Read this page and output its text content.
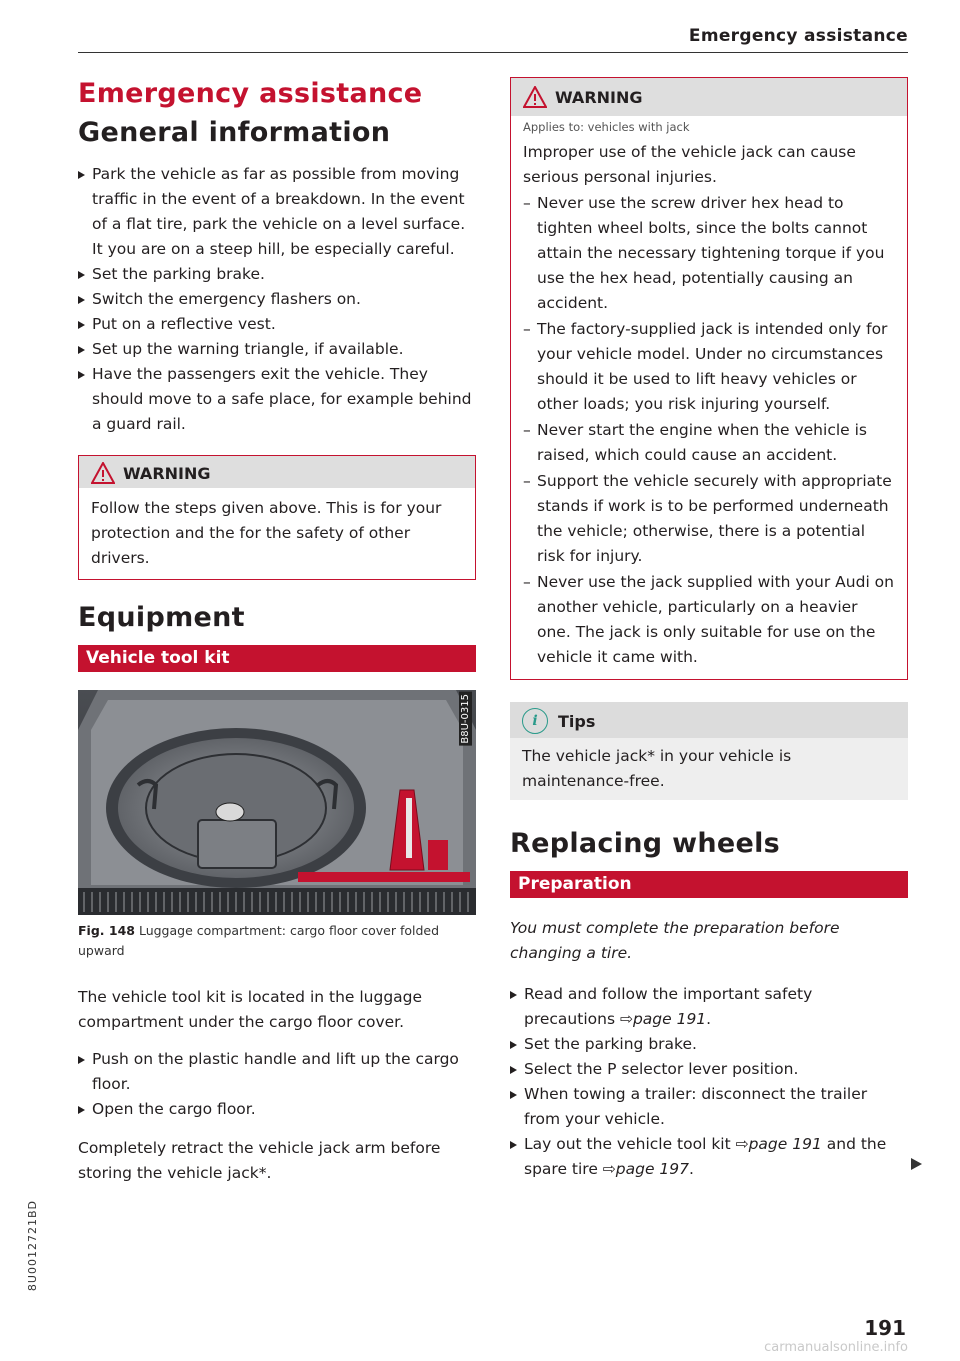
Emergency assistance
Emergency assistance
General information
Park the vehicle as far as possible from moving traffic in the event of a breakdown. In the event of a flat tire, park the vehicle on a level surface. It you are on a steep hill, be especially careful.
Set the parking brake.
Switch the emergency flashers on.
Put on a reflective vest.
Set up the warning triangle, if available.
Have the passengers exit the vehicle. They should move to a safe place, for example behind a guard rail.
WARNING

Follow the steps given above. This is for your protection and the for the safety of other drivers.

Equipment
Vehicle tool kit
B8U-0315
Fig. 148 Luggage compartment: cargo floor cover folded upward

The vehicle tool kit is located in the luggage compartment under the cargo floor cover.

Push on the plastic handle and lift up the cargo floor.
Open the cargo floor.

Completely retract the vehicle jack arm before storing the vehicle jack*.

WARNING
Applies to: vehicles with jack

Improper use of the vehicle jack can cause serious personal injuries.

– Never use the screw driver hex head to tighten wheel bolts, since the bolts cannot attain the necessary tightening torque if you use the hex head, potentially causing an accident.
– The factory-supplied jack is intended only for your vehicle model. Under no circumstances should it be used to lift heavy vehicles or other loads; you risk injuring yourself.
– Never start the engine when the vehicle is raised, which could cause an accident.
– Support the vehicle securely with appropriate stands if work is to be performed underneath the vehicle; otherwise, there is a potential risk for injury.
– Never use the jack supplied with your Audi on another vehicle, particularly on a heavier one. The jack is only suitable for use on the vehicle it came with.
i	Tips

The vehicle jack* in your vehicle is maintenance-free.

Replacing wheels
Preparation

You must complete the preparation before changing a tire.

Read and follow the important safety precautions ⇨page 191.
Set the parking brake.
Select the P selector lever position.
When towing a trailer: disconnect the trailer from your vehicle.
Lay out the vehicle tool kit ⇨page 191 and the spare tire ⇨page 197.
191
8U0012721BD
carmanualsonline.info
